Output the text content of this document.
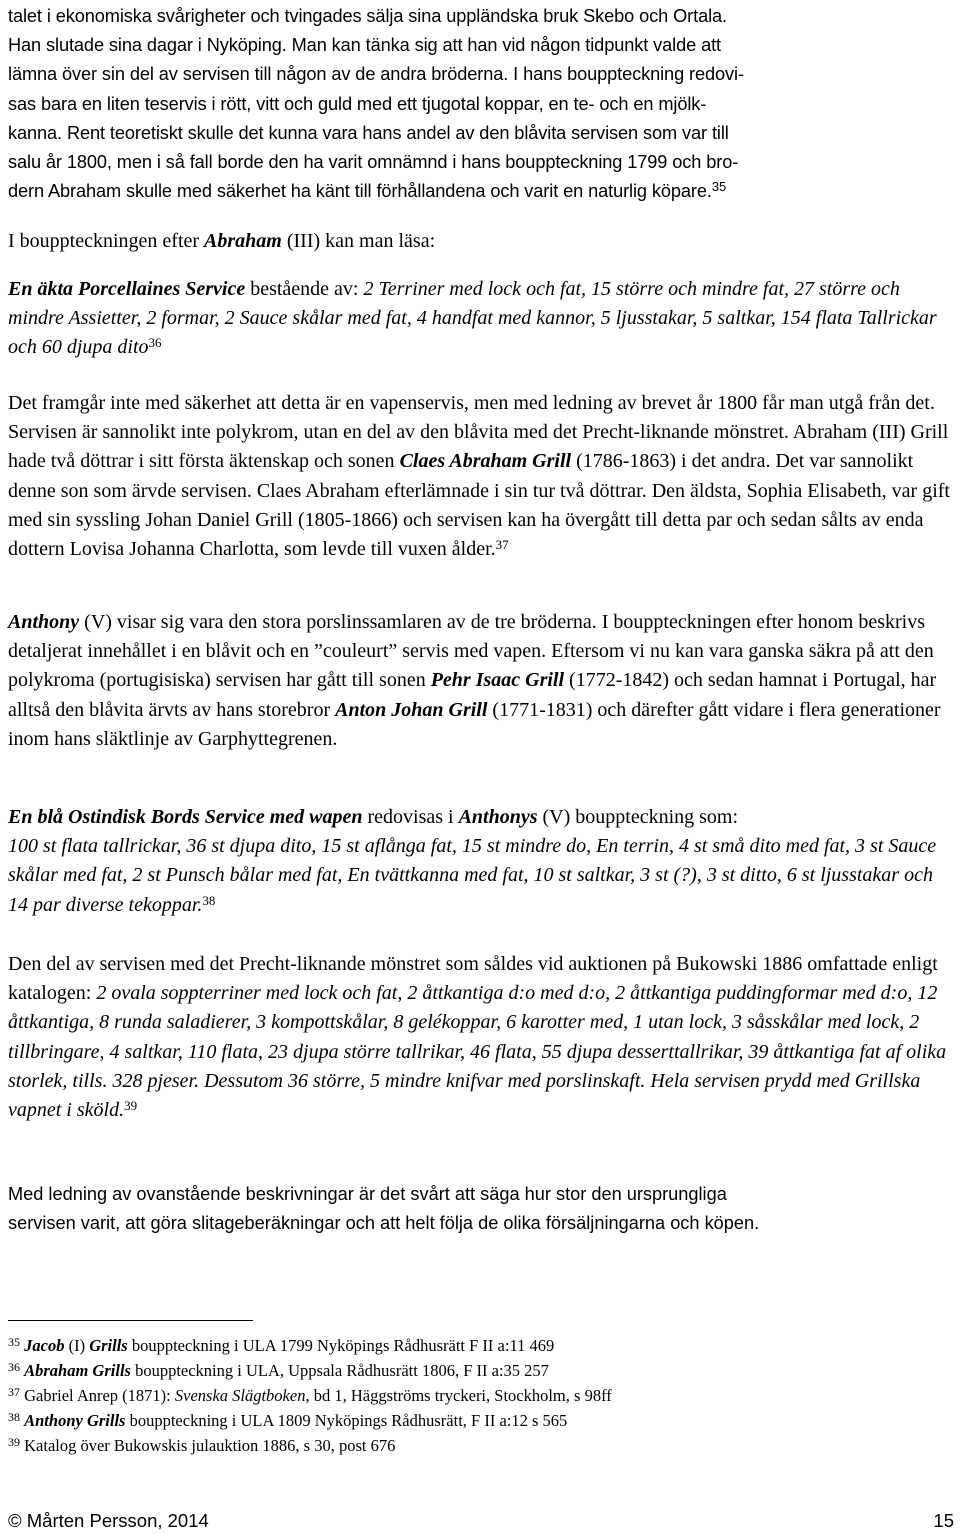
talet i ekonomiska svårigheter och tvingades sälja sina uppländska bruk Skebo och Ortala.
Han slutade sina dagar i Nyköping. Man kan tänka sig att han vid någon tidpunkt valde att
lämna över sin del av servisen till någon av de andra bröderna. I hans bouppteckning redovi-
sas bara en liten teservis i rött, vitt och guld med ett tjugotal koppar, en te- och en mjölk-
kanna. Rent teoretiskt skulle det kunna vara hans andel av den blåvita servisen som var till
salu år 1800, men i så fall borde den ha varit omnämnd i hans bouppteckning 1799 och bro-
dern Abraham skulle med säkerhet ha känt till förhållandena och varit en naturlig köpare.$^{35}$

I bouppteckningen efter Abraham (III) kan man läsa:

En äkta Porcellaines Service bestående av: 2 Terriner med lock och fat, 15 större och mindre fat, 27 större och mindre Assietter, 2 formar, 2 Sauce skålar med fat, 4 handfat med kannor, 5 ljusstakar, 5 saltkar, 154 flata Tallrickar och 60 djupa dito$^{36}$

Det framgår inte med säkerhet att detta är en vapenservis, men med ledning av brevet år 1800 får man utgå från det. Servisen är sannolikt inte polykrom, utan en del av den blåvita med det Precht-liknande mönstret. Abraham (III) Grill hade två döttrar i sitt första äktenskap och sonen Claes Abraham Grill (1786-1863) i det andra. Det var sannolikt denne son som ärvde servisen. Claes Abraham efterlämnade i sin tur två döttrar. Den äldsta, Sophia Elisabeth, var gift med sin syssling Johan Daniel Grill (1805-1866) och servisen kan ha övergått till detta par och sedan sålts av enda dottern Lovisa Johanna Charlotta, som levde till vuxen ålder.$^{37}$

Anthony (V) visar sig vara den stora porslinssamlaren av de tre bröderna. I bouppteckningen efter honom beskrivs detaljerat innehållet i en blåvit och en ”couleurt” servis med vapen. Eftersom vi nu kan vara ganska säkra på att den polykroma (portugisiska) servisen har gått till sonen Pehr Isaac Grill (1772-1842) och sedan hamnat i Portugal, har alltså den blåvita ärvts av hans storebror Anton Johan Grill (1771-1831) och därefter gått vidare i flera generationer inom hans släktlinje av Garphyttegrenen.

En blå Ostindisk Bords Service med wapen redovisas i Anthonys (V) bouppteckning som:
100 st flata tallrickar, 36 st djupa dito, 15 st aflånga fat, 15 st mindre do, En terrin, 4 st små dito med fat, 3 st Sauce skålar med fat, 2 st Punsch bålar med fat, En tvättkanna med fat, 10 st saltkar, 3 st (?), 3 st ditto, 6 st ljusstakar och 14 par diverse tekoppar.$^{38}$

Den del av servisen med det Precht-liknande mönstret som såldes vid auktionen på Bukowski 1886 omfattade enligt katalogen: 2 ovala soppterriner med lock och fat, 2 åttkantiga d:o med d:o, 2 åttkantiga puddingformar med d:o, 12 åttkantiga, 8 runda saladierer, 3 kompottskålar, 8 gelékoppar, 6 karotter med, 1 utan lock, 3 såsskålar med lock, 2 tillbringare, 4 saltkar, 110 flata, 23 djupa större tallrikar, 46 flata, 55 djupa desserttallrikar, 39 åttkantiga fat af olika storlek, tills. 328 pjeser. Dessutom 36 större, 5 mindre knifvar med porslinskaft. Hela servisen prydd med Grillska vapnet i sköld.$^{39}$

Med ledning av ovanstående beskrivningar är det svårt att säga hur stor den ursprungliga
servisen varit, att göra slitageberäkningar och att helt följa de olika försäljningarna och köpen.

$^{35}$ Jacob (I) Grills bouppteckning i ULA 1799 Nyköpings Rådhusrätt F II a:11 469
$^{36}$ Abraham Grills bouppteckning i ULA, Uppsala Rådhusrätt 1806, F II a:35 257
$^{37}$ Gabriel Anrep (1871): Svenska Slägtboken, bd 1, Häggströms tryckeri, Stockholm, s 98ff
$^{38}$ Anthony Grills bouppteckning i ULA 1809 Nyköpings Rådhusrätt, F II a:12 s 565
$^{39}$ Katalog över Bukowskis julauktion 1886, s 30, post 676
© Mårten Persson, 2014	15
